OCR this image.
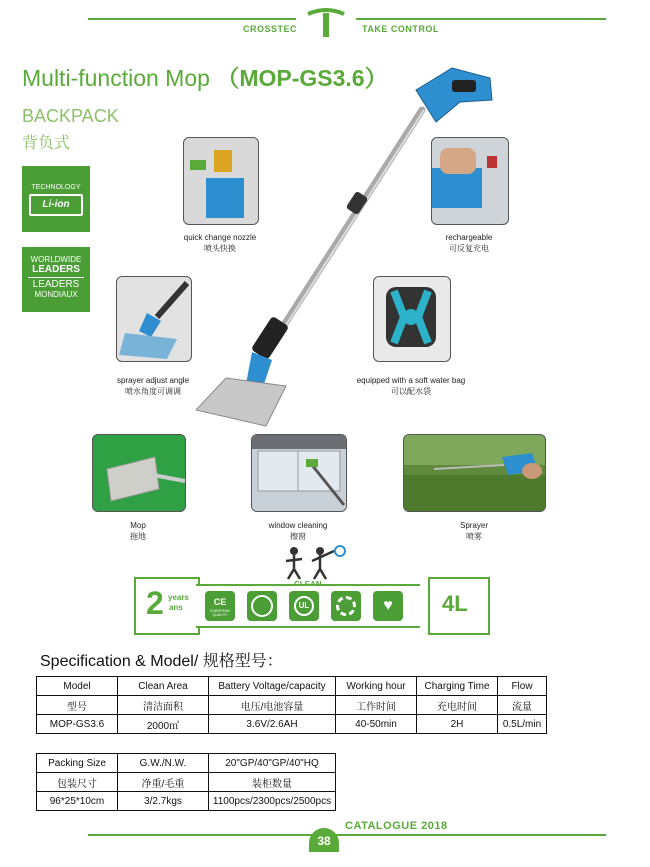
CROSSTEC	TAKE CONTROL
Multi-function Mop （MOP-GS3.6）
BACKPACK
背负式
TECHNOLOGY
Li-ion
WORLDWIDE
LEADERS
LEADERS
MONDIAUX
quick change nozzle
喷头快换
rechargeable
可反复充电
sprayer adjust angle
喷水角度可调调
equipped with a soft water bag
可以配水袋
Mop
拖地
window cleaning
擦窗
Sprayer
喷雾
2 years
ans
CE
EUROPEAN QUALITY
UL	♥	4L
Specification & Model/ 规格型号：
Model	Clean Area	Battery Voltage/capacity	Working hour	Charging Time	Flow
型号	清洁面积	电压/电池容量	工作时间	充电时间	流量
MOP-GS3.6	2000㎡	3.6V/2.6AH	40-50min	2H	0.5L/min
Packing Size	G.W./N.W.	20"GP/40"GP/40"HQ
包装尺寸	净重/毛重	装柜数量
96*25*10cm	3/2.7kgs	1100pcs/2300pcs/2500pcs
CATALOGUE 2018
38
